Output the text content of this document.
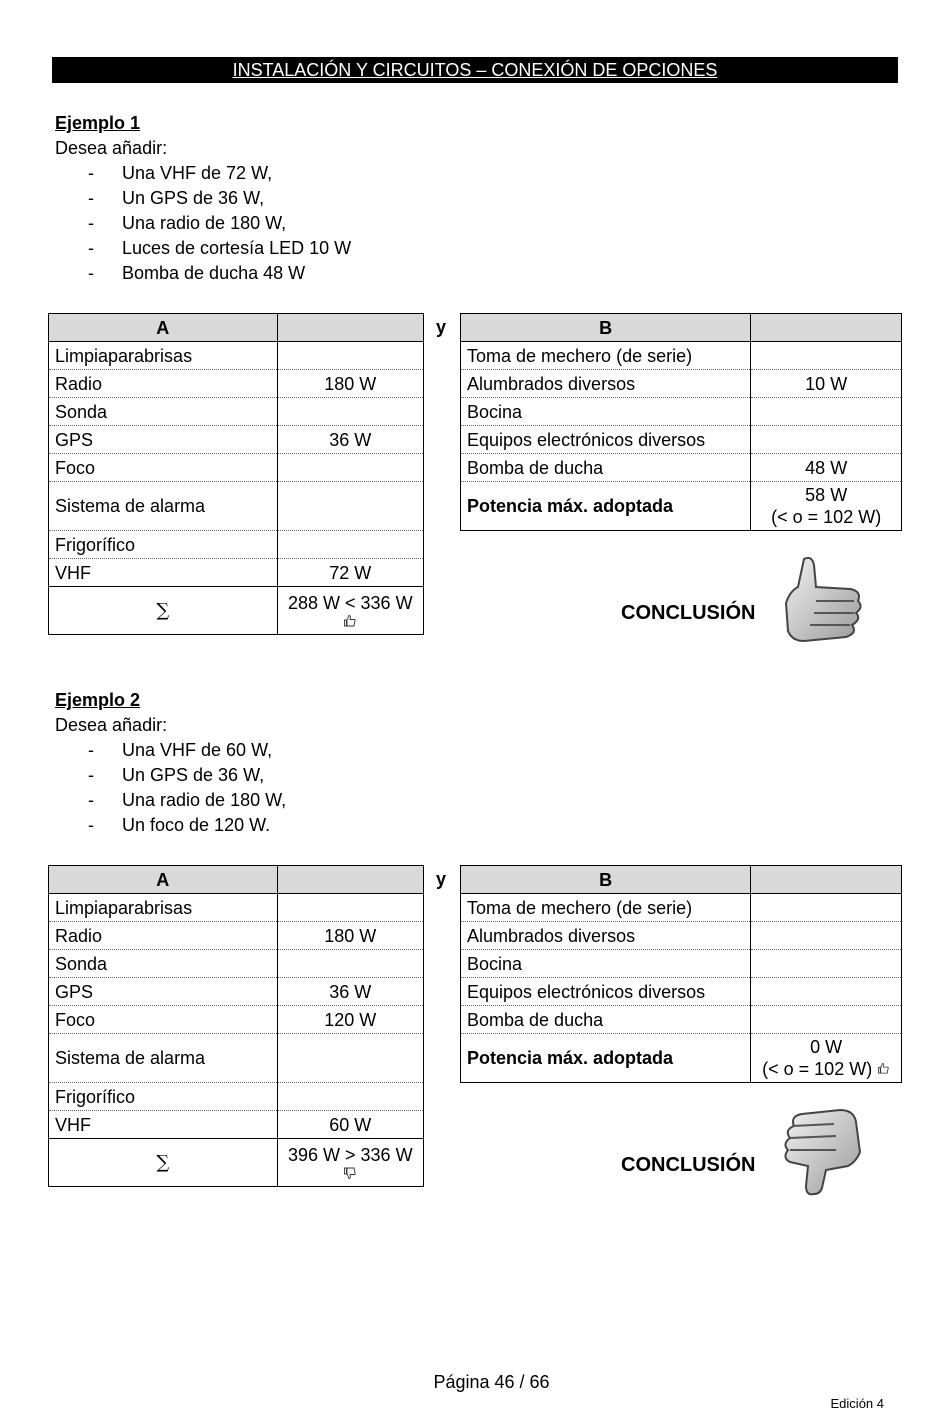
INSTALACIÓN Y CIRCUITOS – CONEXIÓN DE OPCIONES
Ejemplo 1
Desea añadir:
- Una VHF de 72 W,
- Un GPS de 36 W,
- Una radio de 180 W,
- Luces de cortesía LED 10 W
- Bomba de ducha 48 W
A	
Limpiaparabrisas	
Radio	180 W
Sonda	
GPS	36 W
Foco	
Sistema de alarma	
Frigorífico	
VHF	72 W
∑	288 W < 336 W
y	B	
Toma de mechero (de serie)	
Alumbrados diversos	10 W
Bocina	
Equipos electrónicos diversos	
Bomba de ducha	48 W
Potencia máx. adoptada	58 W
(< o = 102 W)
CONCLUSIÓN
Ejemplo 2
Desea añadir:
- Una VHF de 60 W,
- Un GPS de 36 W,
- Una radio de 180 W,
- Un foco de 120 W.
A	
Limpiaparabrisas	
Radio	180 W
Sonda	
GPS	36 W
Foco	120 W
Sistema de alarma	
Frigorífico	
VHF	60 W
∑	396 W > 336 W
y	B	
Toma de mechero (de serie)	
Alumbrados diversos	
Bocina	
Equipos electrónicos diversos	
Bomba de ducha	
Potencia máx. adoptada	0 W
(< o = 102 W)
CONCLUSIÓN
Página 46 / 66
Edición 4
